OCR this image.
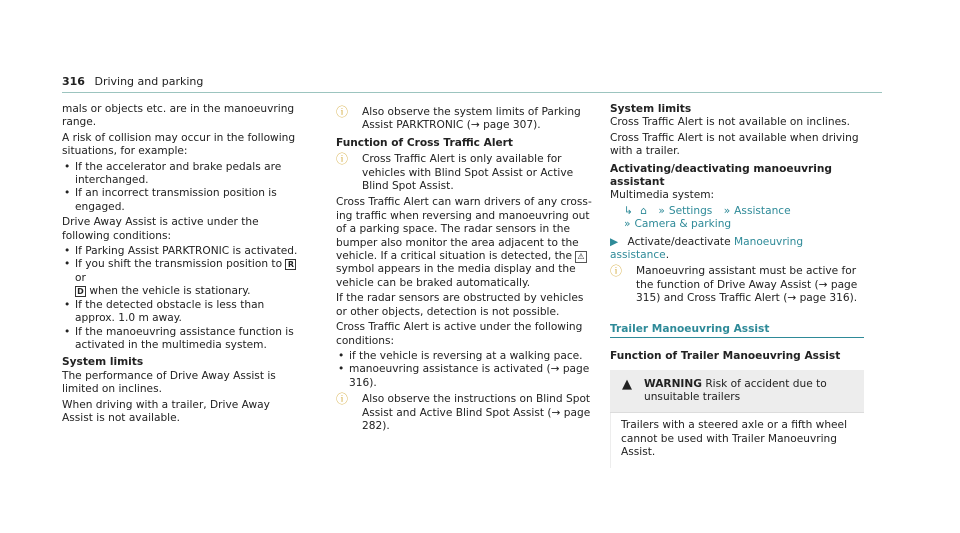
316 Driving and parking

mals or objects etc. are in the manoeuvring range.

A risk of collision may occur in the following situations, for example:

• If the accelerator and brake pedals are interchanged.
• If an incorrect transmission position is engaged.

Drive Away Assist is active under the following conditions:

• If Parking Assist PARKTRONIC is activated.
• If you shift the transmission position to R or
D when the vehicle is stationary.
• If the detected obstacle is less than approx. 1.0 m away.
• If the manoeuvring assistance function is activated in the multimedia system.

System limits

The performance of Drive Away Assist is limited on inclines.

When driving with a trailer, Drive Away Assist is not available.

ⓘ Also observe the system limits of Parking Assist PARKTRONIC (→ page 307).

Function of Cross Traffic Alert

ⓘ Cross Traffic Alert is only available for vehicles with Blind Spot Assist or Active Blind Spot Assist.

Cross Traffic Alert can warn drivers of any crossing traffic when reversing and manoeuvring out of a parking space. The radar sensors in the bumper also monitor the area adjacent to the vehicle. If a critical situation is detected, the ⚠ symbol appears in the media display and the vehicle can be braked automatically.

If the radar sensors are obstructed by vehicles or other objects, detection is not possible.

Cross Traffic Alert is active under the following conditions:

• if the vehicle is reversing at a walking pace.
• manoeuvring assistance is activated (→ page 316).
ⓘ Also observe the instructions on Blind Spot Assist and Active Blind Spot Assist (→ page 282).

System limits

Cross Traffic Alert is not available on inclines.

Cross Traffic Alert is not available when driving with a trailer.

Activating/deactivating manoeuvring assistant

Multimedia system:

↳ ⌂ » Settings » Assistance
» Camera & parking

▶ Activate/deactivate Manoeuvring assistance.

ⓘ Manoeuvring assistant must be active for the function of Drive Away Assist (→ page 315) and Cross Traffic Alert (→ page 316).

Trailer Manoeuvring Assist

Function of Trailer Manoeuvring Assist

▲ WARNING Risk of accident due to unsuitable trailers
Trailers with a steered axle or a fifth wheel cannot be used with Trailer Manoeuvring Assist.
